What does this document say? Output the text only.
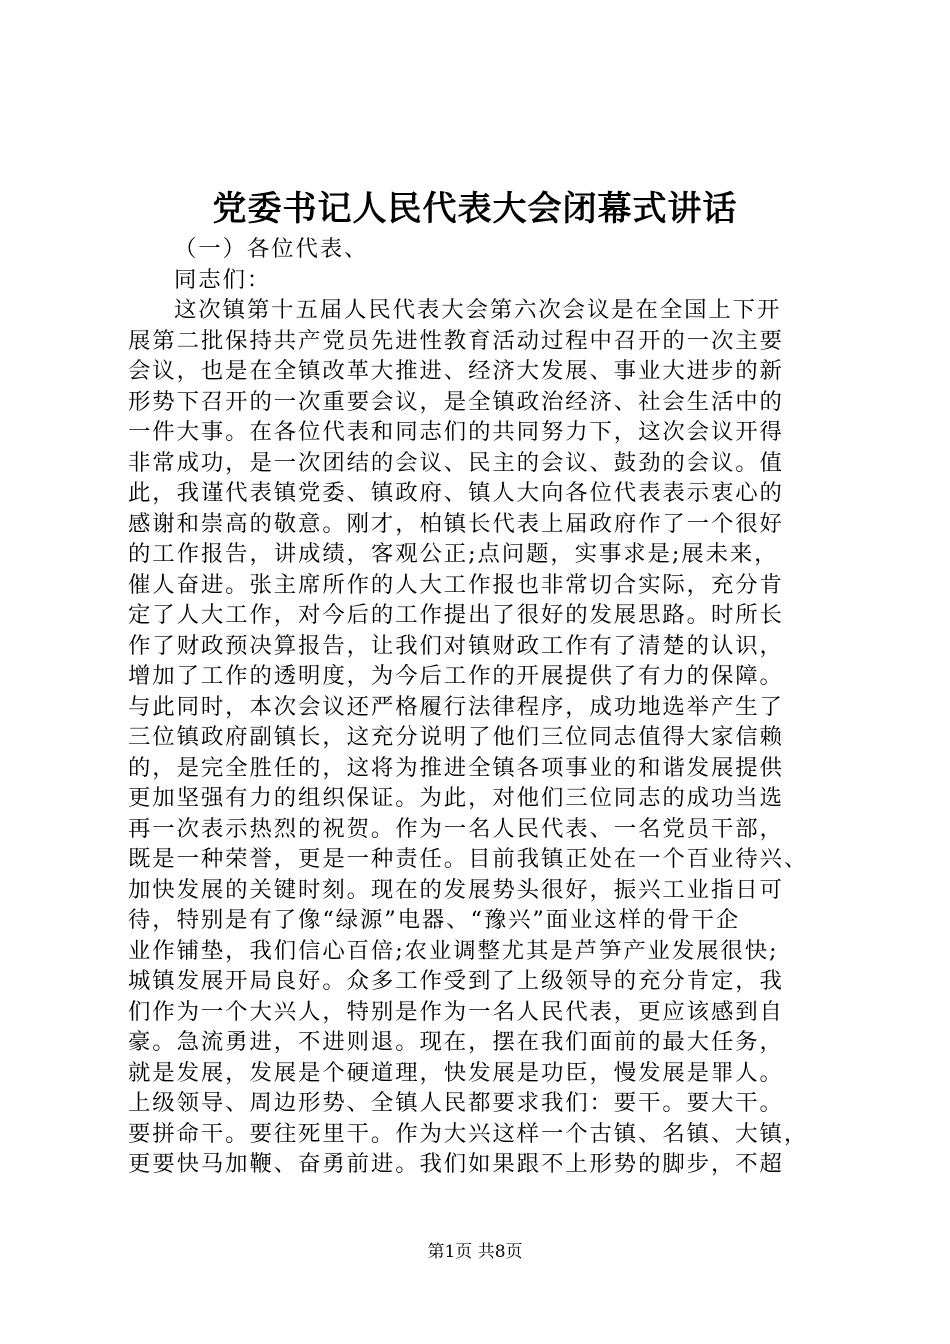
党委书记人民代表大会闭幕式讲话
（一）各位代表、
同志们：
这次镇第十五届人民代表大会第六次会议是在全国上下开
展第二批保持共产党员先进性教育活动过程中召开的一次主要
会议，也是在全镇改革大推进、经济大发展、事业大进步的新
形势下召开的一次重要会议，是全镇政治经济、社会生活中的
一件大事。在各位代表和同志们的共同努力下，这次会议开得
非常成功，是一次团结的会议、民主的会议、鼓劲的会议。值
此，我谨代表镇党委、镇政府、镇人大向各位代表表示衷心的
感谢和崇高的敬意。刚才，柏镇长代表上届政府作了一个很好
的工作报告，讲成绩，客观公正;点问题，实事求是;展未来，
催人奋进。张主席所作的人大工作报也非常切合实际，充分肯
定了人大工作，对今后的工作提出了很好的发展思路。时所长
作了财政预决算报告，让我们对镇财政工作有了清楚的认识，
增加了工作的透明度，为今后工作的开展提供了有力的保障。
与此同时，本次会议还严格履行法律程序，成功地选举产生了
三位镇政府副镇长，这充分说明了他们三位同志值得大家信赖
的，是完全胜任的，这将为推进全镇各项事业的和谐发展提供
更加坚强有力的组织保证。为此，对他们三位同志的成功当选
再一次表示热烈的祝贺。作为一名人民代表、一名党员干部，
既是一种荣誉，更是一种责任。目前我镇正处在一个百业待兴、
加快发展的关键时刻。现在的发展势头很好，振兴工业指日可
待，特别是有了像“绿源”电器、“豫兴”面业这样的骨干企
业作铺垫，我们信心百倍;农业调整尤其是芦笋产业发展很快;
城镇发展开局良好。众多工作受到了上级领导的充分肯定，我
们作为一个大兴人，特别是作为一名人民代表，更应该感到自
豪。急流勇进，不进则退。现在，摆在我们面前的最大任务，
就是发展，发展是个硬道理，快发展是功臣，慢发展是罪人。
上级领导、周边形势、全镇人民都要求我们：要干。要大干。
要拼命干。要往死里干。作为大兴这样一个古镇、名镇、大镇，
更要快马加鞭、奋勇前进。我们如果跟不上形势的脚步，不超
第1页 共8页
